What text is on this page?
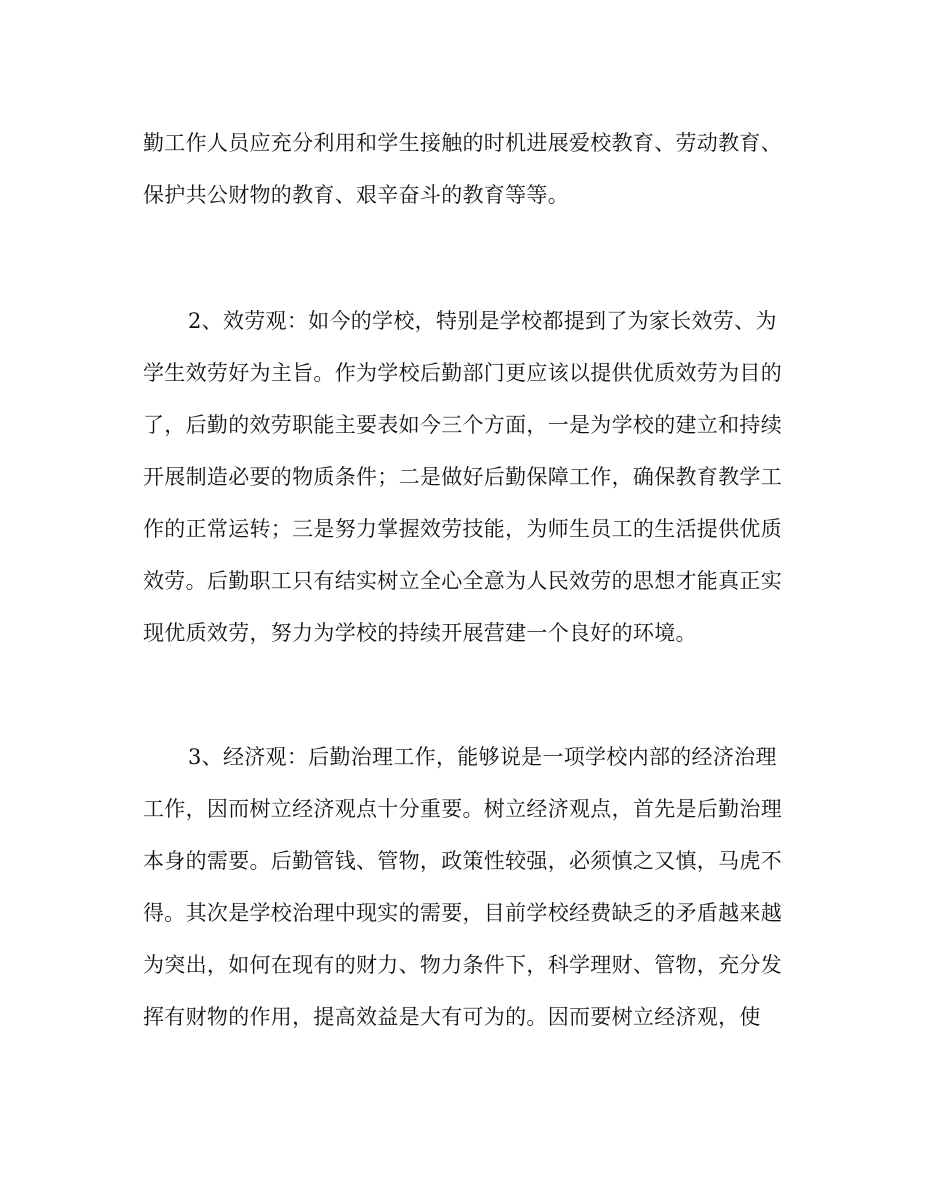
勤工作人员应充分利用和学生接触的时机进展爱校教育、劳动教育、
保护共公财物的教育、艰辛奋斗的教育等等。
2、效劳观：如今的学校，特别是学校都提到了为家长效劳、为
学生效劳好为主旨。作为学校后勤部门更应该以提供优质效劳为目的
了，后勤的效劳职能主要表如今三个方面，一是为学校的建立和持续
开展制造必要的物质条件；二是做好后勤保障工作，确保教育教学工
作的正常运转；三是努力掌握效劳技能，为师生员工的生活提供优质
效劳。后勤职工只有结实树立全心全意为人民效劳的思想才能真正实
现优质效劳，努力为学校的持续开展营建一个良好的环境。
3、经济观：后勤治理工作，能够说是一项学校内部的经济治理
工作，因而树立经济观点十分重要。树立经济观点，首先是后勤治理
本身的需要。后勤管钱、管物，政策性较强，必须慎之又慎，马虎不
得。其次是学校治理中现实的需要，目前学校经费缺乏的矛盾越来越
为突出，如何在现有的财力、物力条件下，科学理财、管物，充分发
挥有财物的作用，提高效益是大有可为的。因而要树立经济观，使
